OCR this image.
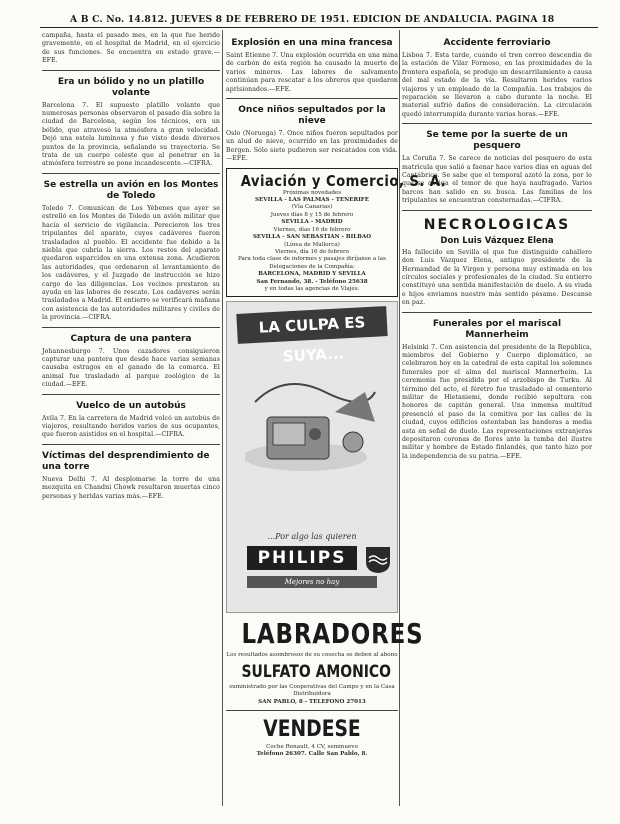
A B C. No. 14.812. JUEVES 8 DE FEBRERO DE 1951. EDICION DE ANDALUCIA. PAGINA 18
campaña, hasta el pasado mes, en la que fue herido gravemente, en el hospital de Madrid, en el ejercicio de sus funciones. Se encuentra en estado grave.—EFE.
Era un bólido y no un platillo volante
Barcelona 7. El supuesto platillo volante que numerosas personas observaron el pasado día sobre la ciudad de Barcelona, según los técnicos, era un bólido, que atravesó la atmósfera a gran velocidad. Dejó una estela luminosa y fue visto desde diversos puntos de la provincia, señalando su trayectoria. Se trata de un cuerpo celeste que al penetrar en la atmósfera terrestre se pone incandescente.—CIFRA.
Se estrella un avión en los Montes de Toledo
Toledo 7. Comunican de Los Yébenes que ayer se estrelló en los Montes de Toledo un avión militar que hacía el servicio de vigilancia. Perecieron los tres tripulantes del aparato, cuyos cadáveres fueron trasladados al pueblo. El accidente fue debido a la niebla que cubría la sierra. Los restos del aparato quedaron esparcidos en una extensa zona. Acudieron las autoridades, que ordenaron el levantamiento de los cadáveres, y el Juzgado de instrucción se hizo cargo de las diligencias. Los vecinos prestaron su ayuda en las labores de rescate. Los cadáveres serán trasladados a Madrid. El entierro se verificará mañana con asistencia de las autoridades militares y civiles de la provincia.—CIFRA.
Captura de una pantera
Johannesburgo 7. Unos cazadores consiguieron capturar una pantera que desde hace varias semanas causaba estragos en el ganado de la comarca. El animal fue trasladado al parque zoológico de la ciudad.—EFE.
Vuelco de un autobús
Avila 7. En la carretera de Madrid volcó un autobús de viajeros, resultando heridos varios de sus ocupantes, que fueron asistidos en el hospital.—CIFRA.
Víctimas del desprendimiento de una torre
Nueva Delhi 7. Al desplomarse la torre de una mezquita en Chandni Chowk resultaron muertas cinco personas y heridas varias más.—EFE.
Explosión en una mina francesa
Saint Etienne 7. Una explosión ocurrida en una mina de carbón de esta región ha causado la muerte de varios mineros. Las labores de salvamento continúan para rescatar a los obreros que quedaron aprisionados.—EFE.
Once niños sepultados por la nieve
Oslo (Noruega) 7. Once niños fueron sepultados por un alud de nieve, ocurrido en las proximidades de Bergen. Sólo siete pudieron ser rescatados con vida.—EFE.
Aviación y Comercio, S. A.
Próximas novedades
SEVILLA - LAS PALMAS - TENERIFE
(Vía Canarias)
Jueves días 8 y 15 de febrero
SEVILLA - MADRID
Viernes, días 16 de febrero
SEVILLA - SAN SEBASTIAN - BILBAO
(Línea de Mallorca)
Viernes, día 16 de febrero
Para toda clase de informes y pasajes diríjanse a las Delegaciones de la Compañía:
BARCELONA, MADRID Y SEVILLA
San Fernando, 38. - Teléfono 25638
y en todas las agencias de Viajes.
LA CULPA ES SUYA...
...Por algo las quieren
PHILIPS
Mejores no hay
LABRADORES
Los resultados asombrosos de su cosecha se deben al abono
SULFATO AMONICO
suministrado por las Cooperativas del Campo y en la Casa Distribuidora
SAN PABLO, 8 - TELEFONO 27013
VENDESE
Coche Renault, 4 CV, seminuevo
Teléfono 26307. Calle San Pablo, 8.
Accidente ferroviario
Lisboa 7. Esta tarde, cuando el tren correo descendía de la estación de Vilar Formoso, en las proximidades de la frontera española, se produjo un descarrilamiento a causa del mal estado de la vía. Resultaron heridos varios viajeros y un empleado de la Compañía. Los trabajos de reparación se llevaron a cabo durante la noche. El material sufrió daños de consideración. La circulación quedó interrumpida durante varias horas.—EFE.
Se teme por la suerte de un pesquero
La Coruña 7. Se carece de noticias del pesquero de esta matrícula que salió a faenar hace varios días en aguas del Cantábrico. Se sabe que el temporal azotó la zona, por lo que se abriga el temor de que haya naufragado. Varios barcos han salido en su busca. Las familias de los tripulantes se encuentran consternadas.—CIFRA.
NECROLOGICAS
Don Luis Vázquez Elena
Ha fallecido en Sevilla el que fue distinguido caballero don Luis Vázquez Elena, antiguo presidente de la Hermandad de la Virgen y persona muy estimada en los círculos sociales y profesionales de la ciudad. Su entierro constituyó una sentida manifestación de duelo. A su viuda e hijos enviamos nuestro más sentido pésame. Descanse en paz.
Funerales por el mariscal Mannerheim
Helsinki 7. Con asistencia del presidente de la República, miembros del Gobierno y Cuerpo diplomático, se celebraron hoy en la catedral de esta capital los solemnes funerales por el alma del mariscal Mannerheim. La ceremonia fue presidida por el arzobispo de Turku. Al término del acto, el féretro fue trasladado al cementerio militar de Hietaniemi, donde recibió sepultura con honores de capitán general. Una inmensa multitud presenció el paso de la comitiva por las calles de la ciudad, cuyos edificios ostentaban las banderas a media asta en señal de duelo. Las representaciones extranjeras depositaron coronas de flores ante la tumba del ilustre militar y hombre de Estado finlandés, que tanto hizo por la independencia de su patria.—EFE.
